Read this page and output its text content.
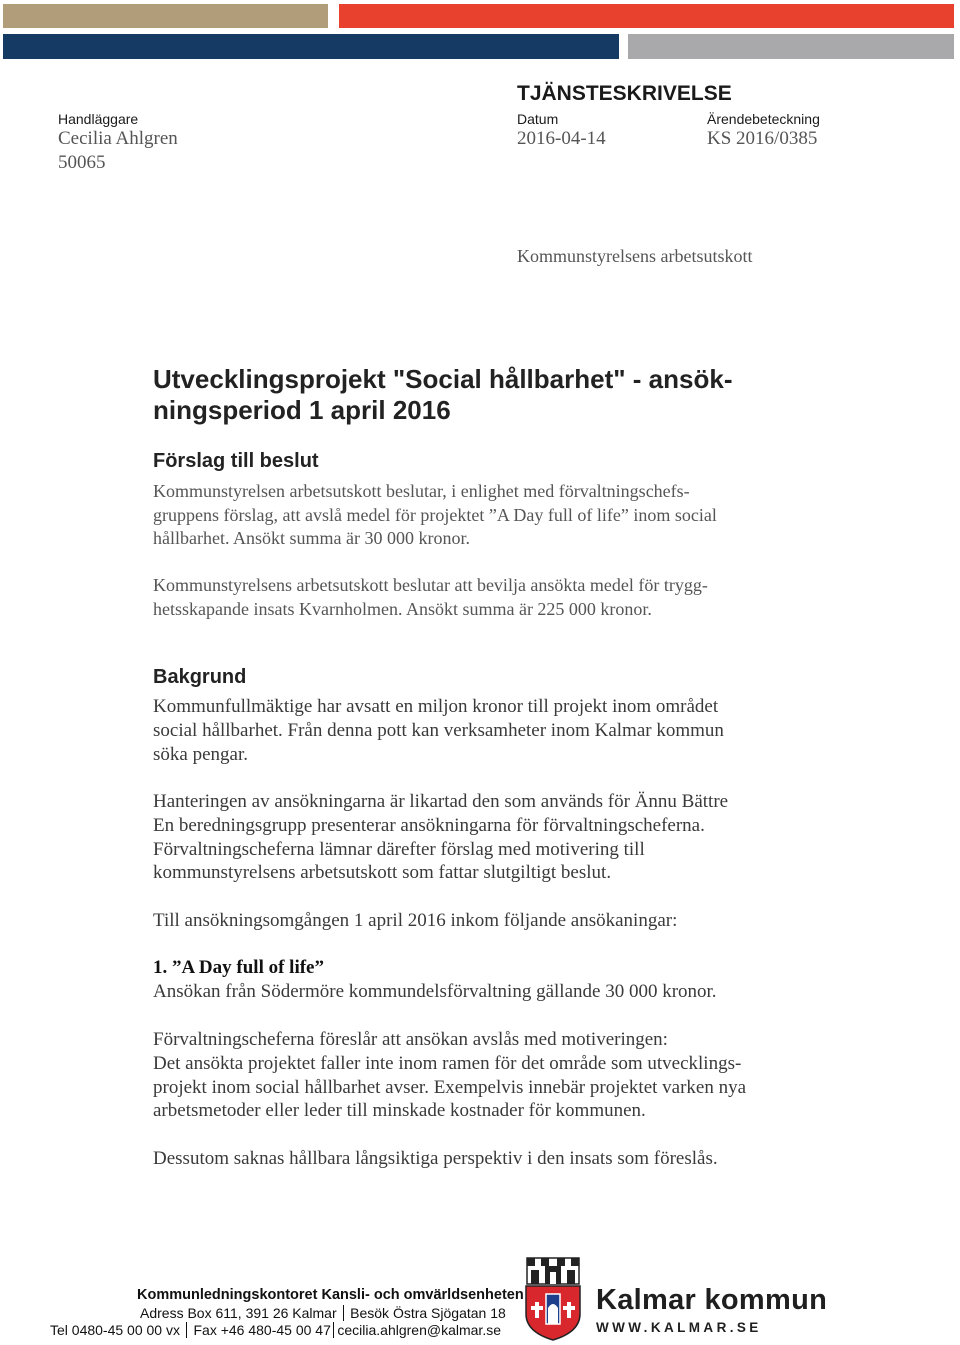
TJÄNSTESKRIVELSE
Handläggare
Cecilia Ahlgren
50065
Datum
2016-04-14
Ärendebeteckning
KS 2016/0385
Kommunstyrelsens arbetsutskott
Utvecklingsprojekt "Social hållbarhet" - ansök-
ningsperiod 1 april 2016
Förslag till beslut
Kommunstyrelsen arbetsutskott beslutar, i enlighet med förvaltningschefs-
gruppens förslag, att avslå medel för projektet ”A Day full of life” inom social
hållbarhet. Ansökt summa är 30 000 kronor.
Kommunstyrelsens arbetsutskott beslutar att bevilja ansökta medel för trygg-
hetsskapande insats Kvarnholmen. Ansökt summa är 225 000 kronor.
Bakgrund
Kommunfullmäktige har avsatt en miljon kronor till projekt inom området
social hållbarhet. Från denna pott kan verksamheter inom Kalmar kommun
söka pengar.
Hanteringen av ansökningarna är likartad den som används för Ännu Bättre
En beredningsgrupp presenterar ansökningarna för förvaltningscheferna.
Förvaltningscheferna lämnar därefter förslag med motivering till
kommunstyrelsens arbetsutskott som fattar slutgiltigt beslut.
Till ansökningsomgången 1 april 2016 inkom följande ansökaningar:
1. ”A Day full of life”
Ansökan från Södermöre kommundelsförvaltning gällande 30 000 kronor.
Förvaltningscheferna föreslår att ansökan avslås med motiveringen:
Det ansökta projektet faller inte inom ramen för det område som utvecklings-
projekt inom social hållbarhet avser. Exempelvis innebär projektet varken nya
arbetsmetoder eller leder till minskade kostnader för kommunen.
Dessutom saknas hållbara långsiktiga perspektiv i den insats som föreslås.
Kommunledningskontoret Kansli- och omvärldsenheten
Adress Box 611, 391 26 Kalmar Besök Östra Sjögatan 18
Tel 0480-45 00 00 vx Fax +46 480-45 00 47 cecilia.ahlgren@kalmar.se
Kalmar kommun
WWW.KALMAR.SE
